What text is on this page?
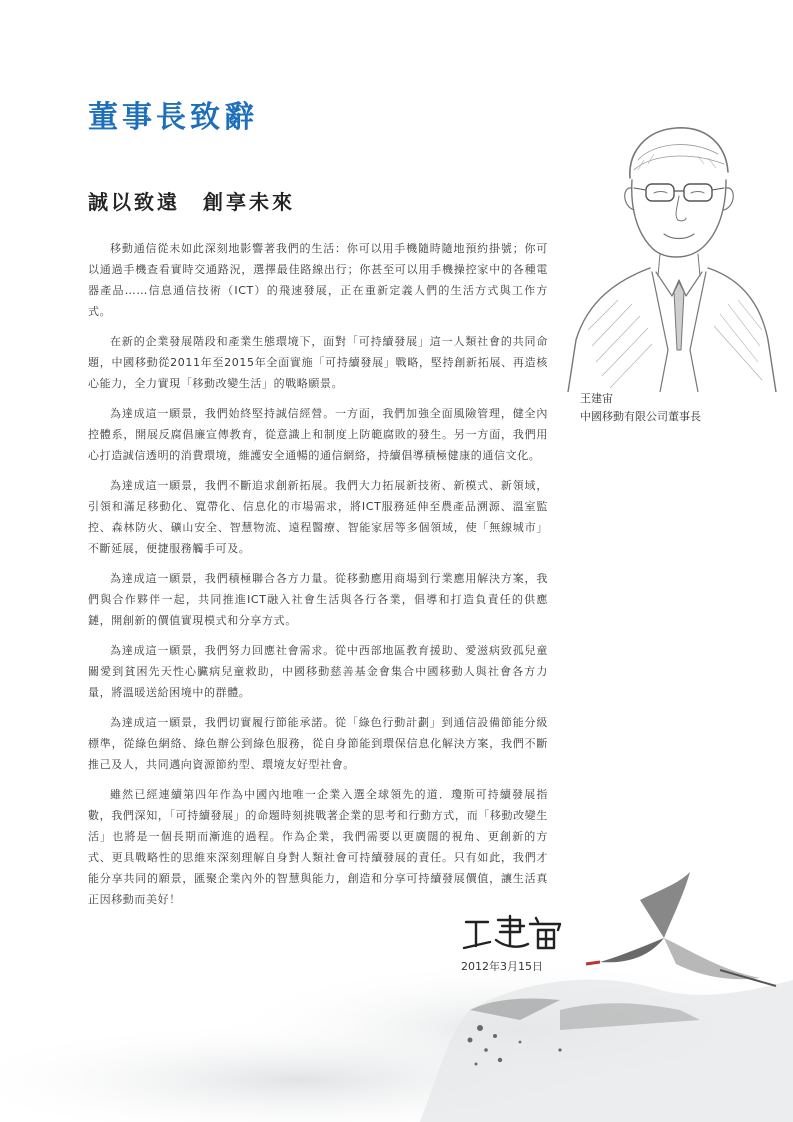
董事長致辭
誠以致遠　創享未來

移動通信從未如此深刻地影響著我們的生活：你可以用手機隨時隨地預約掛號；你可以通過手機查看實時交通路況，選擇最佳路線出行；你甚至可以用手機操控家中的各種電器產品……信息通信技術（ICT）的飛速發展，正在重新定義人們的生活方式與工作方式。

在新的企業發展階段和產業生態環境下，面對「可持續發展」這一人類社會的共同命題，中國移動從2011年至2015年全面實施「可持續發展」戰略，堅持創新拓展、再造核心能力，全力實現「移動改變生活」的戰略願景。

為達成這一願景，我們始終堅持誠信經營。一方面，我們加強全面風險管理，健全內控體系，開展反腐倡廉宣傳教育，從意識上和制度上防範腐敗的發生。另一方面，我們用心打造誠信透明的消費環境，維護安全通暢的通信網絡，持續倡導積極健康的通信文化。

為達成這一願景，我們不斷追求創新拓展。我們大力拓展新技術、新模式、新領域，引領和滿足移動化、寬帶化、信息化的市場需求，將ICT服務延伸至農產品溯源、溫室監控、森林防火、礦山安全、智慧物流、遠程醫療、智能家居等多個領域，使「無線城市」不斷延展，便捷服務觸手可及。

為達成這一願景，我們積極聯合各方力量。從移動應用商場到行業應用解決方案，我們與合作夥伴一起，共同推進ICT融入社會生活與各行各業，倡導和打造負責任的供應鏈，開創新的價值實現模式和分享方式。

為達成這一願景，我們努力回應社會需求。從中西部地區教育援助、愛滋病致孤兒童關愛到貧困先天性心臟病兒童救助，中國移動慈善基金會集合中國移動人與社會各方力量，將溫暖送給困境中的群體。

為達成這一願景，我們切實履行節能承諾。從「綠色行動計劃」到通信設備節能分級標準，從綠色網絡、綠色辦公到綠色服務，從自身節能到環保信息化解決方案，我們不斷推己及人，共同邁向資源節約型、環境友好型社會。

雖然已經連續第四年作為中國內地唯一企業入選全球領先的道．瓊斯可持續發展指數，我們深知，「可持續發展」的命題時刻挑戰著企業的思考和行動方式，而「移動改變生活」也將是一個長期而漸進的過程。作為企業，我們需要以更廣闊的視角、更創新的方式、更具戰略性的思維來深刻理解自身對人類社會可持續發展的責任。只有如此，我們才能分享共同的願景，匯聚企業內外的智慧與能力，創造和分享可持續發展價值，讓生活真正因移動而美好！

王建宙
中國移動有限公司董事長
2012年3月15日
